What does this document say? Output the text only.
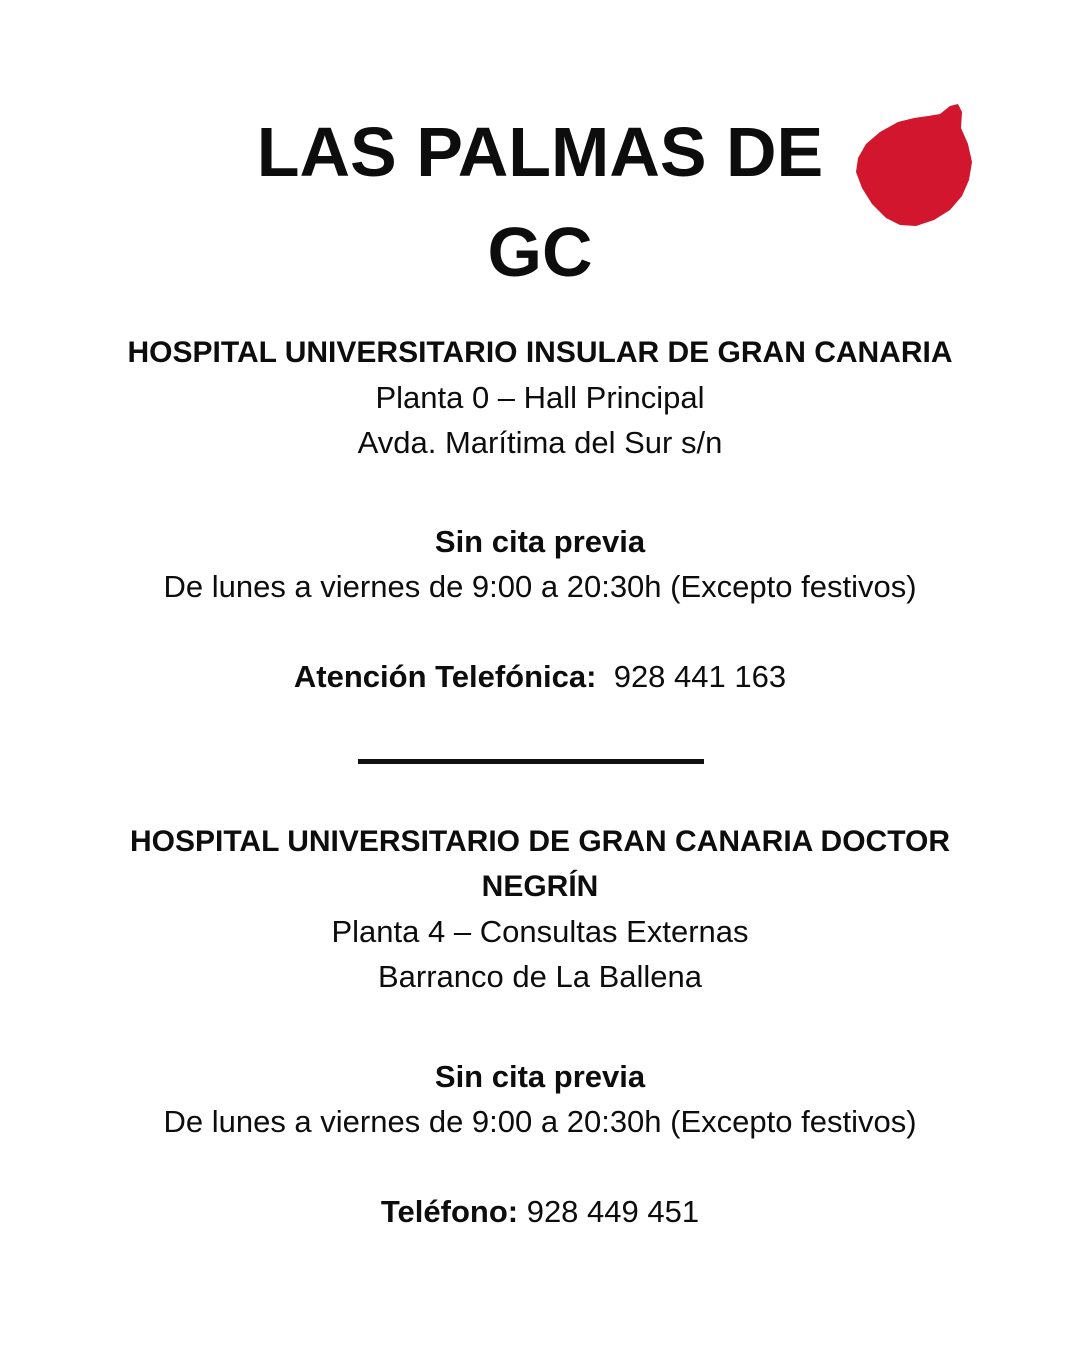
LAS PALMAS DE
GC
HOSPITAL UNIVERSITARIO INSULAR DE GRAN CANARIA
Planta 0 – Hall Principal
Avda. Marítima del Sur s/n
Sin cita previa
De lunes a viernes de 9:00 a 20:30h (Excepto festivos)
Atención Telefónica: 928 441 163
HOSPITAL UNIVERSITARIO DE GRAN CANARIA DOCTOR
NEGRÍN
Planta 4 – Consultas Externas
Barranco de La Ballena
Sin cita previa
De lunes a viernes de 9:00 a 20:30h (Excepto festivos)
Teléfono: 928 449 451
